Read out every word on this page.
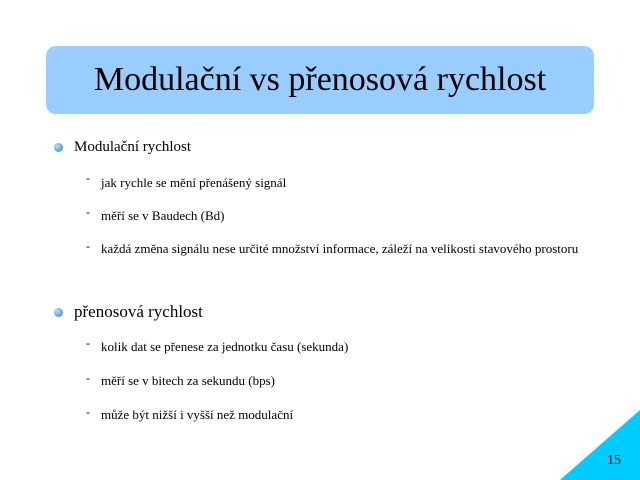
Modulační vs přenosová rychlost
Modulační rychlost
- jak rychle se mění přenášený signál
- měří se v Baudech (Bd)
- každá změna signálu nese určité množství informace, záleží na velikosti stavového prostoru
přenosová rychlost
- kolik dat se přenese za jednotku času (sekunda)
- měří se v bitech za sekundu (bps)
- může být nižší i vyšší než modulační
15
